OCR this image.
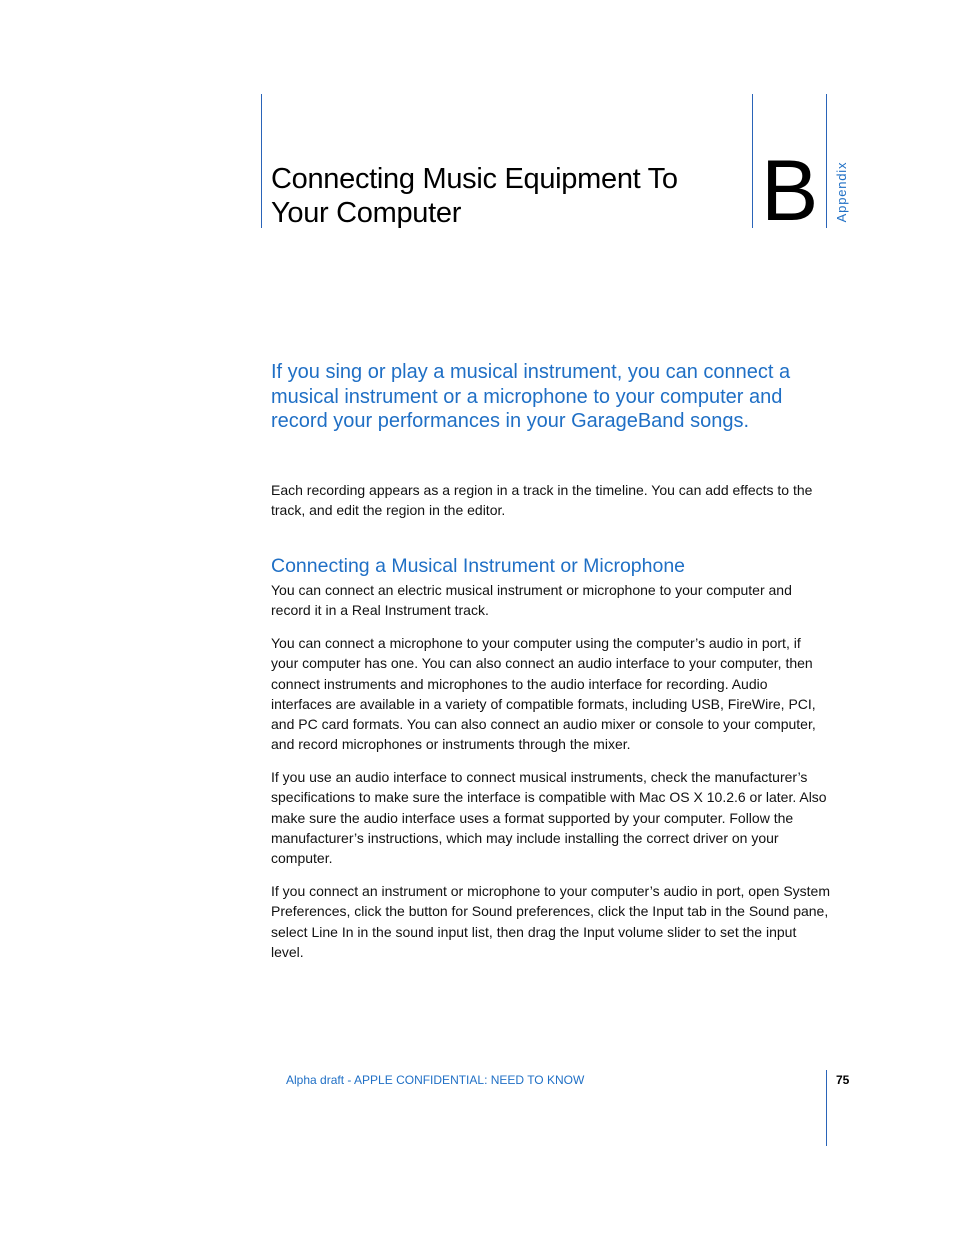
Connecting Music Equipment To Your Computer	B Appendix

If you sing or play a musical instrument, you can connect a musical instrument or a microphone to your computer and record your performances in your GarageBand songs.

Each recording appears as a region in a track in the timeline. You can add effects to the track, and edit the region in the editor.

Connecting a Musical Instrument or Microphone

You can connect an electric musical instrument or microphone to your computer and record it in a Real Instrument track.

You can connect a microphone to your computer using the computer’s audio in port, if your computer has one. You can also connect an audio interface to your computer, then connect instruments and microphones to the audio interface for recording. Audio interfaces are available in a variety of compatible formats, including USB, FireWire, PCI, and PC card formats. You can also connect an audio mixer or console to your computer, and record microphones or instruments through the mixer.

If you use an audio interface to connect musical instruments, check the manufacturer’s specifications to make sure the interface is compatible with Mac OS X 10.2.6 or later. Also make sure the audio interface uses a format supported by your computer. Follow the manufacturer’s instructions, which may include installing the correct driver on your computer.

If you connect an instrument or microphone to your computer’s audio in port, open System Preferences, click the button for Sound preferences, click the Input tab in the Sound pane, select Line In in the sound input list, then drag the Input volume slider to set the input level.

Alpha draft - APPLE CONFIDENTIAL: NEED TO KNOW	75
